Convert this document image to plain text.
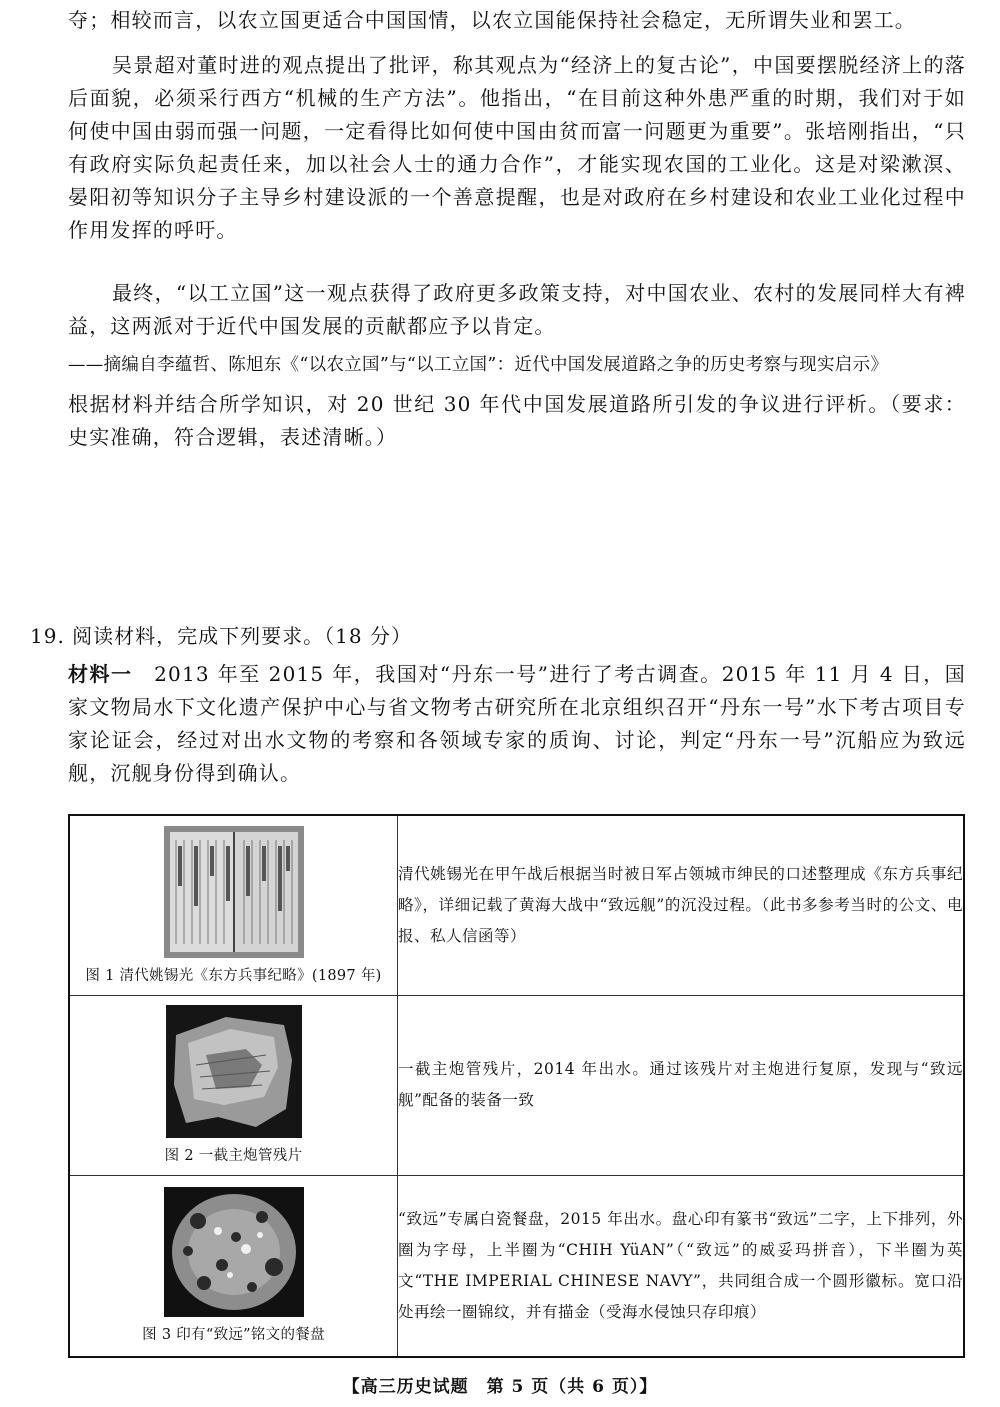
夺；相较而言，以农立国更适合中国国情，以农立国能保持社会稳定，无所谓失业和罢工。

吴景超对董时进的观点提出了批评，称其观点为“经济上的复古论”，中国要摆脱经济上的落后面貌，必须采行西方“机械的生产方法”。他指出，“在目前这种外患严重的时期，我们对于如何使中国由弱而强一问题，一定看得比如何使中国由贫而富一问题更为重要”。张培刚指出，“只有政府实际负起责任来，加以社会人士的通力合作”，才能实现农国的工业化。这是对梁漱溟、晏阳初等知识分子主导乡村建设派的一个善意提醒，也是对政府在乡村建设和农业工业化过程中作用发挥的呼吁。

最终，“以工立国”这一观点获得了政府更多政策支持，对中国农业、农村的发展同样大有裨益，这两派对于近代中国发展的贡献都应予以肯定。

——摘编自李蕴哲、陈旭东《“以农立国”与“以工立国”：近代中国发展道路之争的历史考察与现实启示》

根据材料并结合所学知识，对 20 世纪 30 年代中国发展道路所引发的争议进行评析。（要求：史实准确，符合逻辑，表述清晰。）

19. 阅读材料，完成下列要求。（18 分）

材料一　2013 年至 2015 年，我国对“丹东一号”进行了考古调查。2015 年 11 月 4 日，国家文物局水下文化遗产保护中心与省文物考古研究所在北京组织召开“丹东一号”水下考古项目专家论证会，经过对出水文物的考察和各领域专家的质询、讨论，判定“丹东一号”沉船应为致远舰，沉舰身份得到确认。

图 1 清代姚锡光《东方兵事纪略》(1897 年)	清代姚锡光在甲午战后根据当时被日军占领城市绅民的口述整理成《东方兵事纪略》，详细记载了黄海大战中“致远舰”的沉没过程。（此书多参考当时的公文、电报、私人信函等）

图 2 一截主炮管残片	一截主炮管残片，2014 年出水。通过该残片对主炮进行复原，发现与“致远舰”配备的装备一致

图 3 印有“致远”铭文的餐盘	“致远”专属白瓷餐盘，2015 年出水。盘心印有篆书“致远”二字，上下排列，外圈为字母，上半圈为“CHIH YüAN”（“致远”的威妥玛拼音），下半圈为英文“THE IMPERIAL CHINESE NAVY”，共同组合成一个圆形徽标。宽口沿处再绘一圈锦纹，并有描金（受海水侵蚀只存印痕）
【高三历史试题　第 5 页（共 6 页）】
